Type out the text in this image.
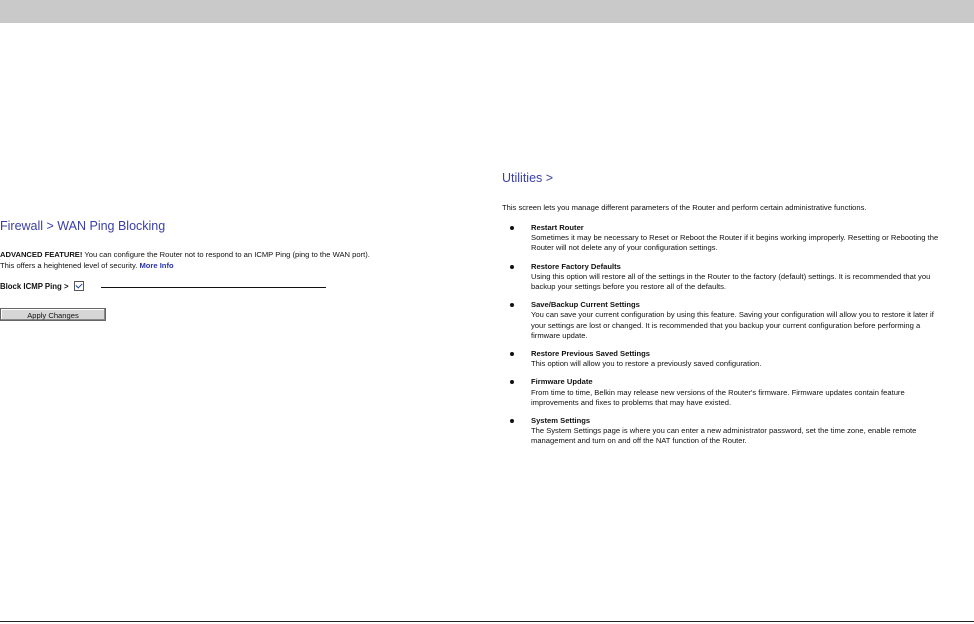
Firewall > WAN Ping Blocking
ADVANCED FEATURE! You can configure the Router not to respond to an ICMP Ping (ping to the WAN port).
This offers a heightened level of security. More Info
Block ICMP Ping >
Apply Changes
Utilities >
This screen lets you manage different parameters of the Router and perform certain administrative functions.
Restart Router
Sometimes it may be necessary to Reset or Reboot the Router if it begins working improperly. Resetting or Rebooting the Router will not delete any of your configuration settings.
Restore Factory Defaults
Using this option will restore all of the settings in the Router to the factory (default) settings. It is recommended that you backup your settings before you restore all of the defaults.
Save/Backup Current Settings
You can save your current configuration by using this feature. Saving your configuration will allow you to restore it later if your settings are lost or changed. It is recommended that you backup your current configuration before performing a firmware update.
Restore Previous Saved Settings
This option will allow you to restore a previously saved configuration.
Firmware Update
From time to time, Belkin may release new versions of the Router's firmware. Firmware updates contain feature improvements and fixes to problems that may have existed.
System Settings
The System Settings page is where you can enter a new administrator password, set the time zone, enable remote management and turn on and off the NAT function of the Router.
